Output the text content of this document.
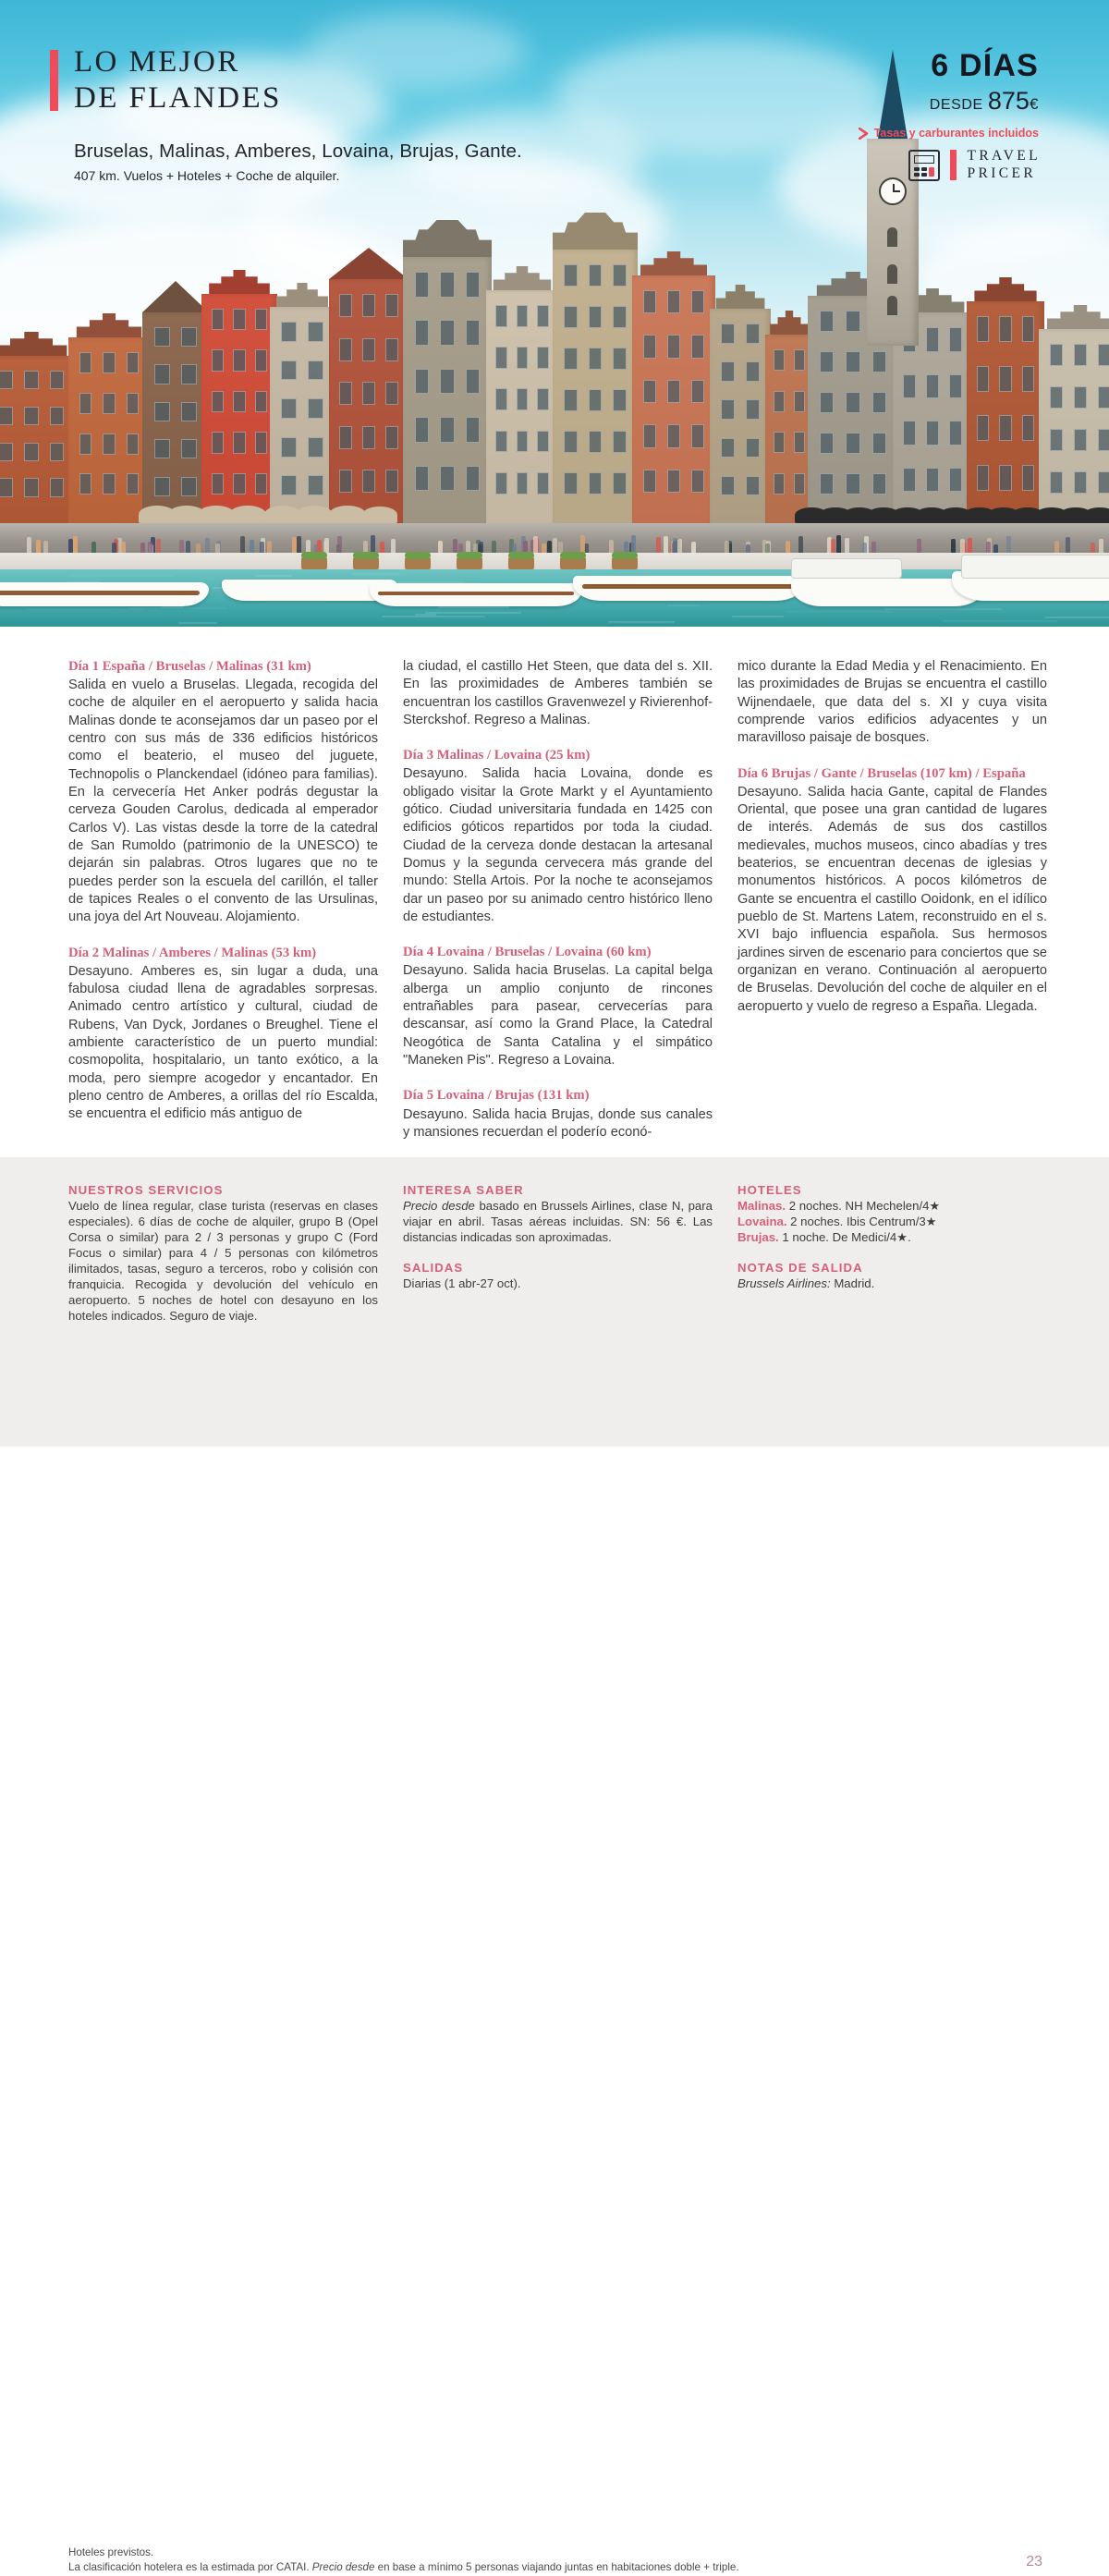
LO MEJOR
DE FLANDES
Bruselas, Malinas, Amberes, Lovaina, Brujas, Gante.
407 km. Vuelos + Hoteles + Coche de alquiler.
6 DÍAS
DESDE 875€
Tasas y carburantes incluidos
TRAVEL
PRICER
Día 1 España / Bruselas / Malinas (31 km)
Salida en vuelo a Bruselas. Llegada, recogida del coche de alquiler en el aeropuerto y salida hacia Malinas donde te aconsejamos dar un paseo por el centro con sus más de 336 edificios históricos como el beaterio, el museo del juguete, Technopolis o Planckendael (idóneo para familias). En la cervecería Het Anker podrás degustar la cerveza Gouden Carolus, dedicada al emperador Carlos V). Las vistas desde la torre de la catedral de San Rumoldo (patrimonio de la UNESCO) te dejarán sin palabras. Otros lugares que no te puedes perder son la escuela del carillón, el taller de tapices Reales o el convento de las Ursulinas, una joya del Art Nouveau. Alojamiento.
Día 2 Malinas / Amberes / Malinas (53 km)
Desayuno. Amberes es, sin lugar a duda, una fabulosa ciudad llena de agradables sorpresas. Animado centro artístico y cultural, ciudad de Rubens, Van Dyck, Jordanes o Breughel. Tiene el ambiente característico de un puerto mundial: cosmopolita, hospitalario, un tanto exótico, a la moda, pero siempre acogedor y encantador. En pleno centro de Amberes, a orillas del río Escalda, se encuentra el edificio más antiguo de
la ciudad, el castillo Het Steen, que data del s. XII. En las proximidades de Amberes también se encuentran los castillos Gravenwezel y Rivierenhof-Sterckshof. Regreso a Malinas.
Día 3 Malinas / Lovaina (25 km)
Desayuno. Salida hacia Lovaina, donde es obligado visitar la Grote Markt y el Ayuntamiento gótico. Ciudad universitaria fundada en 1425 con edificios góticos repartidos por toda la ciudad. Ciudad de la cerveza donde destacan la artesanal Domus y la segunda cervecera más grande del mundo: Stella Artois. Por la noche te aconsejamos dar un paseo por su animado centro histórico lleno de estudiantes.
Día 4 Lovaina / Bruselas / Lovaina (60 km)
Desayuno. Salida hacia Bruselas. La capital belga alberga un amplio conjunto de rincones entrañables para pasear, cervecerías para descansar, así como la Grand Place, la Catedral Neogótica de Santa Catalina y el simpático "Maneken Pis". Regreso a Lovaina.
Día 5 Lovaina / Brujas (131 km)
Desayuno. Salida hacia Brujas, donde sus canales y mansiones recuerdan el poderío econó-
mico durante la Edad Media y el Renacimiento. En las proximidades de Brujas se encuentra el castillo Wijnendaele, que data del s. XI y cuya visita comprende varios edificios adyacentes y un maravilloso paisaje de bosques.
Día 6 Brujas / Gante / Bruselas (107 km) / España
Desayuno. Salida hacia Gante, capital de Flandes Oriental, que posee una gran cantidad de lugares de interés. Además de sus dos castillos medievales, muchos museos, cinco abadías y tres beaterios, se encuentran decenas de iglesias y monumentos históricos. A pocos kilómetros de Gante se encuentra el castillo Ooidonk, en el idílico pueblo de St. Martens Latem, reconstruido en el s. XVI bajo influencia española. Sus hermosos jardines sirven de escenario para conciertos que se organizan en verano. Continuación al aeropuerto de Bruselas. Devolución del coche de alquiler en el aeropuerto y vuelo de regreso a España. Llegada.
NUESTROS SERVICIOS
Vuelo de línea regular, clase turista (reservas en clases especiales). 6 días de coche de alquiler, grupo B (Opel Corsa o similar) para 2 / 3 personas y grupo C (Ford Focus o similar) para 4 / 5 personas con kilómetros ilimitados, tasas, seguro a terceros, robo y colisión con franquicia. Recogida y devolución del vehículo en aeropuerto. 5 noches de hotel con desayuno en los hoteles indicados. Seguro de viaje.
INTERESA SABER
Precio desde basado en Brussels Airlines, clase N, para viajar en abril. Tasas aéreas incluidas. SN: 56 €. Las distancias indicadas son aproximadas.
SALIDAS
Diarias (1 abr-27 oct).
HOTELES
Malinas. 2 noches. NH Mechelen/4★
Lovaina. 2 noches. Ibis Centrum/3★
Brujas. 1 noche. De Medici/4★.
NOTAS DE SALIDA
Brussels Airlines: Madrid.
Hoteles previstos.
La clasificación hotelera es la estimada por CATAI. Precio desde en base a mínimo 5 personas viajando juntas en habitaciones doble + triple.	23
